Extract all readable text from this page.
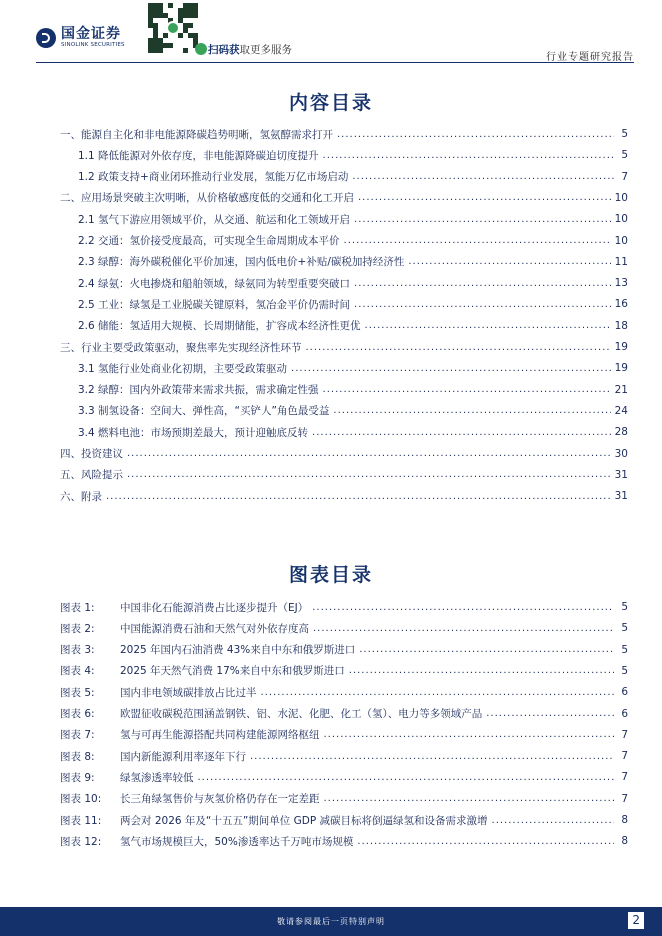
国金证券
SINOLINK SECURITIES	扫码获取更多服务
行业专题研究报告
内容目录
一、能源自主化和非电能源降碳趋势明晰，氢氨醇需求打开 .....	5
1.1 降低能源对外依存度，非电能源降碳迫切度提升 .....	5
1.2 政策支持+商业闭环推动行业发展，氢能万亿市场启动 .....	7
二、应用场景突破主次明晰，从价格敏感度低的交通和化工开启 .....	10
2.1 氢气下游应用领域平价，从交通、航运和化工领域开启 .....	10
2.2 交通：氢价接受度最高，可实现全生命周期成本平价 .....	10
2.3 绿醇：海外碳税催化平价加速，国内低电价+补贴/碳税加持经济性 .....	11
2.4 绿氨：火电掺烧和船舶领域，绿氨同为转型重要突破口 .....	13
2.5 工业：绿氢是工业脱碳关键原料，氢冶金平价仍需时间 .....	16
2.6 储能：氢适用大规模、长周期储能，扩容成本经济性更优 .....	18
三、行业主要受政策驱动，聚焦率先实现经济性环节 .....	19
3.1 氢能行业处商业化初期，主要受政策驱动 .....	19
3.2 绿醇：国内外政策带来需求共振，需求确定性强 .....	21
3.3 制氢设备：空间大、弹性高，“买铲人”角色最受益 .....	24
3.4 燃料电池：市场预期差最大，预计迎触底反转 .....	28
四、投资建议 .....	30
五、风险提示 .....	31
六、附录 .....	31
图表目录
图表 1:	中国非化石能源消费占比逐步提升（EJ） .....	5
图表 2:	中国能源消费石油和天然气对外依存度高 .....	5
图表 3:	2025 年国内石油消费 43%来自中东和俄罗斯进口 .....	5
图表 4:	2025 年天然气消费 17%来自中东和俄罗斯进口 .....	5
图表 5:	国内非电领域碳排放占比过半 .....	6
图表 6:	欧盟征收碳税范围涵盖钢铁、铝、水泥、化肥、化工（氢）、电力等多领域产品 .....	6
图表 7:	氢与可再生能源搭配共同构建能源网络枢纽 .....	7
图表 8:	国内新能源利用率逐年下行 .....	7
图表 9:	绿氢渗透率较低 .....	7
图表 10:	长三角绿氢售价与灰氢价格仍存在一定差距 .....	7
图表 11:	两会对 2026 年及“十五五”期间单位 GDP 减碳目标将倒逼绿氢和设备需求激增 .....	8
图表 12:	氢气市场规模巨大，50%渗透率达千万吨市场规模 .....	8
敬请参阅最后一页特别声明	2
